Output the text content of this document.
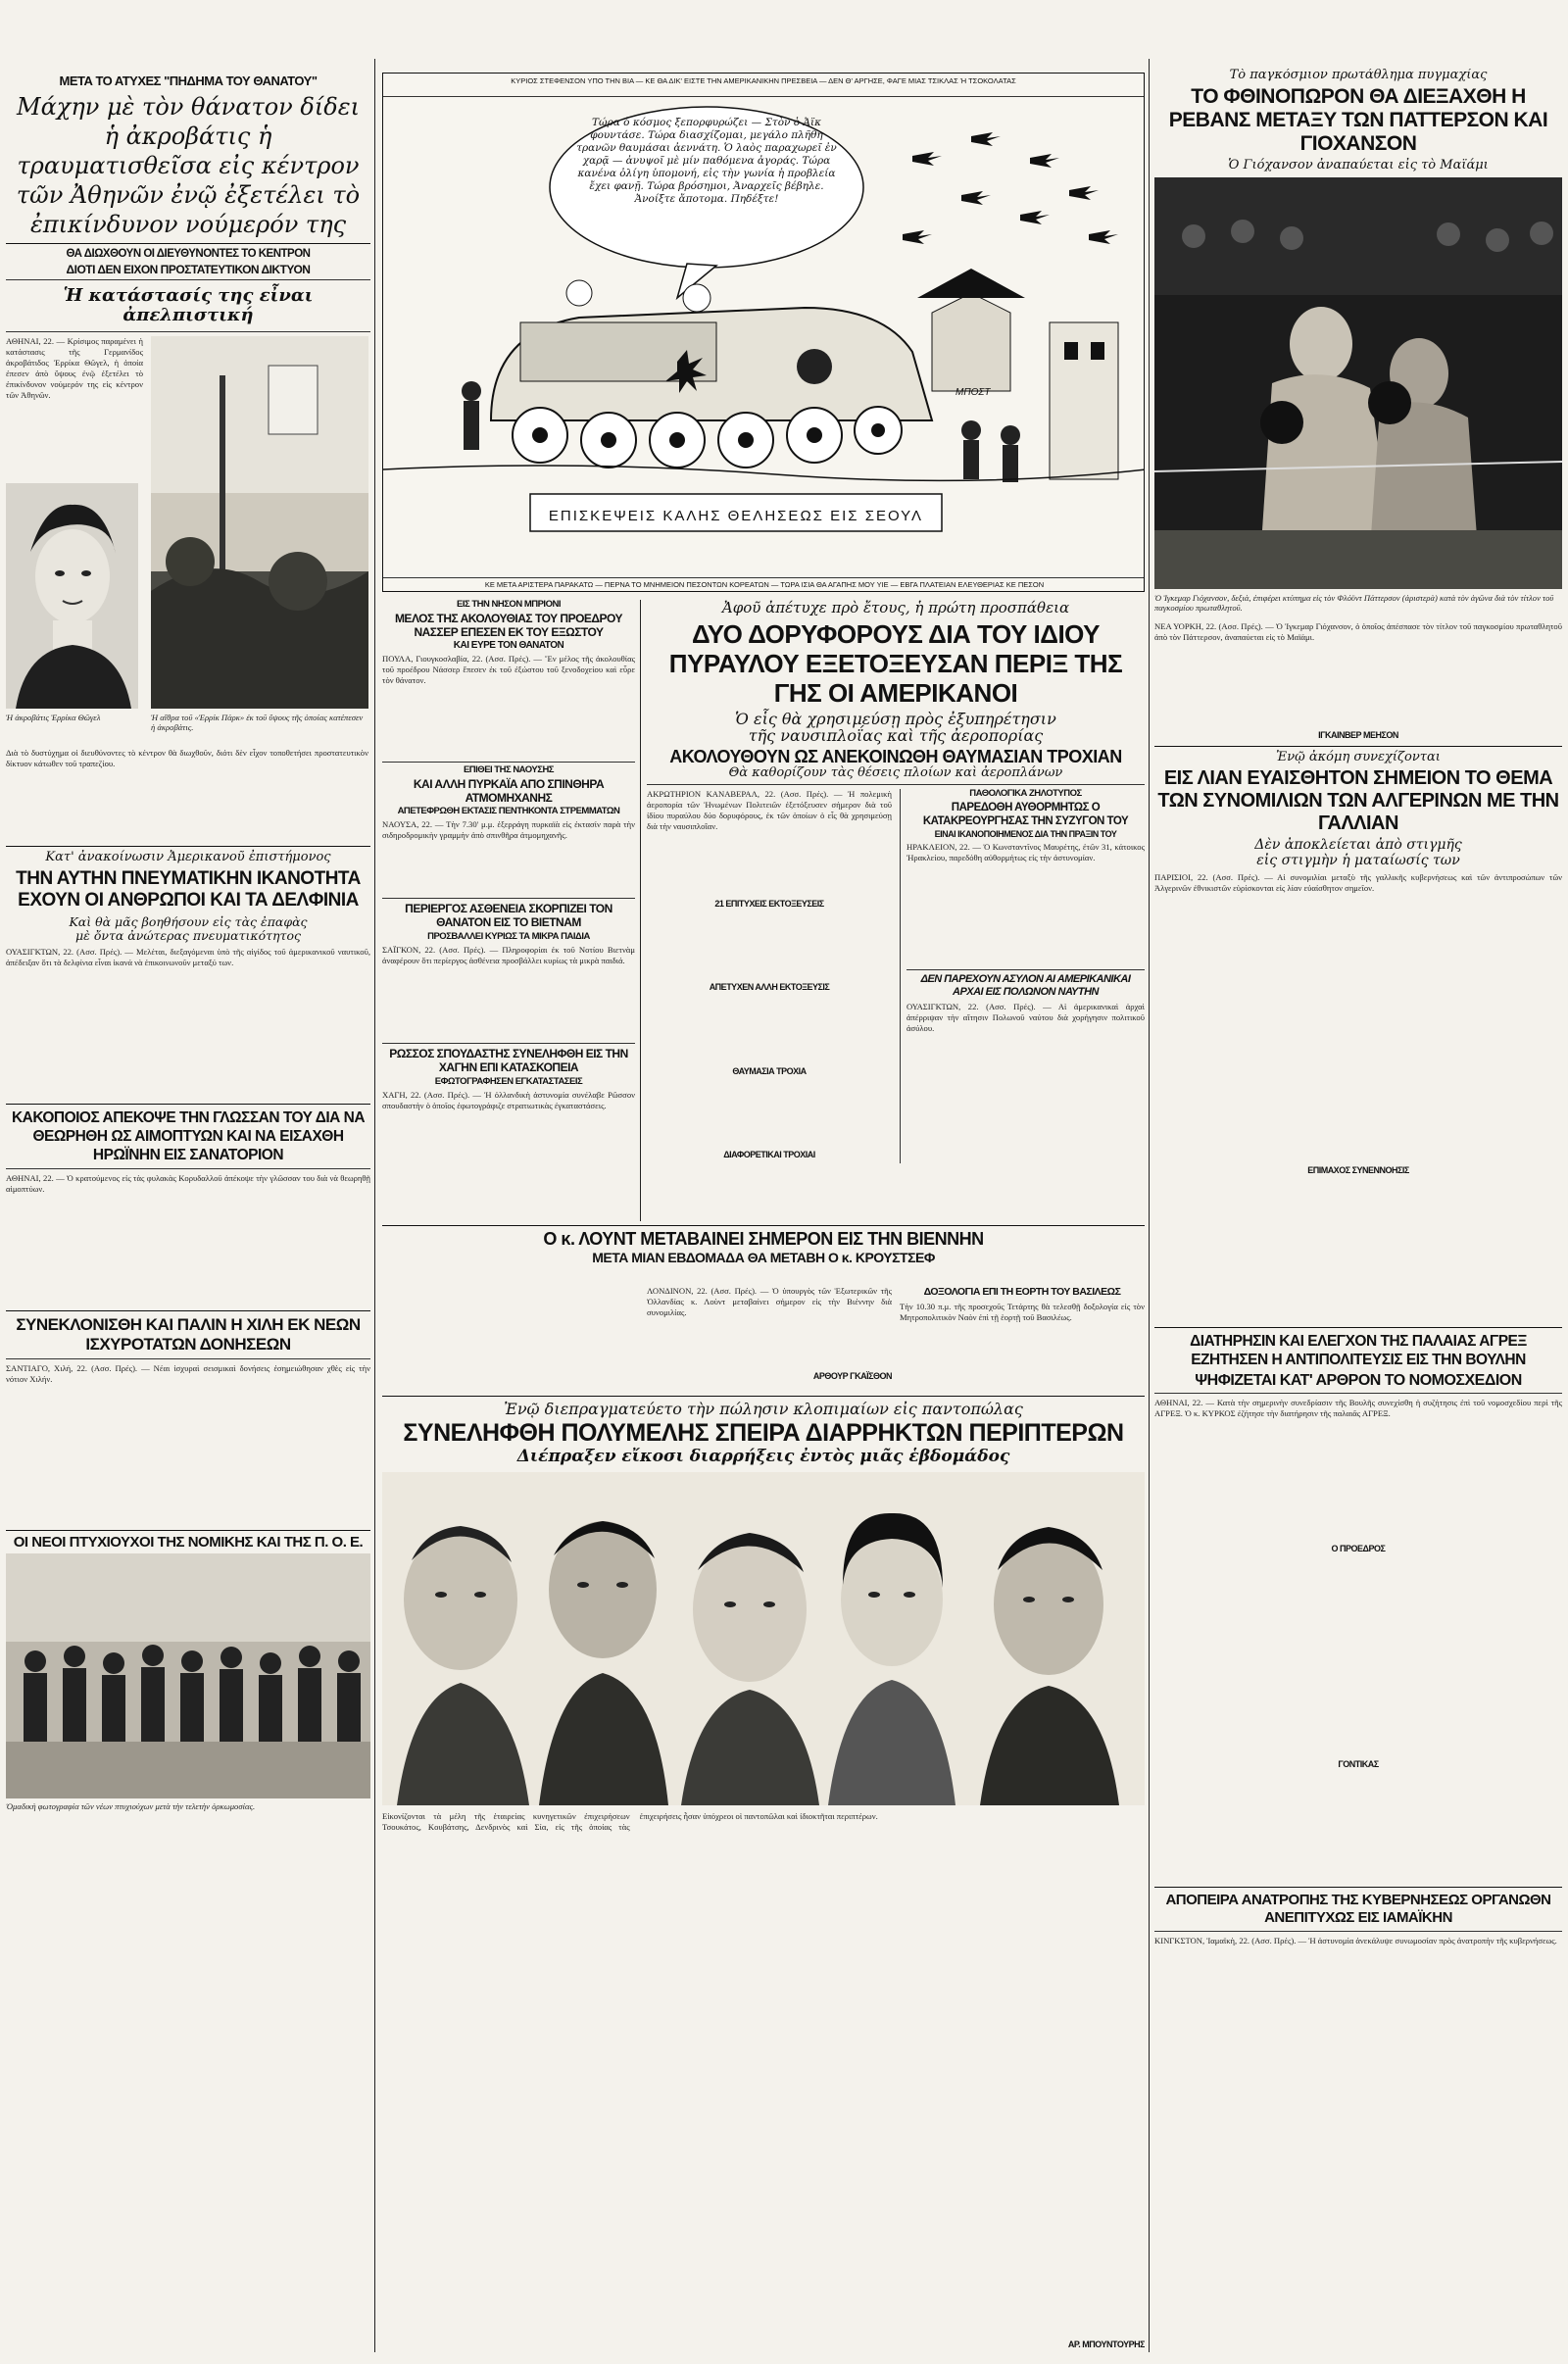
ΜΕΤΑ ΤΟ ΑΤΥΧΕΣ "ΠΗΔΗΜΑ ΤΟΥ ΘΑΝΑΤΟΥ"
Μάχην μὲ τὸν θάνατον δίδει ἡ ἀκροβάτις ἡ τραυματισθεῖσα εἰς κέντρον τῶν Ἀθηνῶν ἐνῷ ἐξετέλει τὸ ἐπικίνδυνον νούμερόν της
ΘΑ ΔΙΩΧΘΟΥΝ ΟΙ ΔΙΕΥΘΥΝΟΝΤΕΣ ΤΟ ΚΕΝΤΡΟΝ
ΔΙΟΤΙ ΔΕΝ ΕΙΧΟΝ ΠΡΟΣΤΑΤΕΥΤΙΚΟΝ ΔΙΚΤΥΟΝ
Ἡ κατάστασίς της εἶναι ἀπελπιστική
ΑΘΗΝΑΙ, 22. — Κρίσιμος παραμένει ἡ κατάστασις τῆς Γερμανίδος ἀκροβάτιδος Ἐρρίκα Θῶγελ, ἡ ὁποία ἐπεσεν ἀπὸ ὕψους ἐνῷ ἐξετέλει τὸ ἐπικίνδυνον νούμερόν της εἰς κέντρον τῶν Ἀθηνῶν.
Ἡ ἀκροβάτις Ἐρρίκα Θῶγελ	Ἡ αἴθρα τοῦ «Ἐρρίκ Πάρκ» ἐκ τοῦ ὕψους τῆς ὁποίας κατέπεσεν ἡ ἀκροβάτις.
Διὰ τὸ δυστύχημα οἱ διευθύνοντες τὸ κέντρον θὰ διωχθοῦν, διότι δὲν εἶχον τοποθετήσει προστατευτικὸν δίκτυον κάτωθεν τοῦ τραπεζίου.
Κατ' ἀνακοίνωσιν Ἀμερικανοῦ ἐπιστήμονος
ΤΗΝ ΑΥΤΗΝ ΠΝΕΥΜΑΤΙΚΗΝ ΙΚΑΝΟΤΗΤΑ ΕΧΟΥΝ ΟΙ ΑΝΘΡΩΠΟΙ ΚΑΙ ΤΑ ΔΕΛΦΙΝΙΑ
Καὶ θὰ μᾶς βοηθήσουν εἰς τὰς ἐπαφὰς
μὲ ὄντα ἀνώτερας πνευματικότητος
ΟΥΑΣΙΓΚΤΩΝ, 22. (Ασσ. Πρές). — Μελέται, διεξαγόμεναι ὑπὸ τῆς αἰγίδος τοῦ ἀμερικανικοῦ ναυτικοῦ, ἀπέδειξαν ὅτι τὰ δελφίνια εἶναι ἱκανά νὰ ἐπικοινωνοῦν μεταξύ των.
ΚΑΚΟΠΟΙΟΣ ΑΠΕΚΟΨΕ ΤΗΝ ΓΛΩΣΣΑΝ ΤΟΥ ΔΙΑ ΝΑ ΘΕΩΡΗΘΗ ΩΣ ΑΙΜΟΠΤΥΩΝ ΚΑΙ ΝΑ ΕΙΣΑΧΘΗ ΗΡΩΪΝΗΝ ΕΙΣ ΣΑΝΑΤΟΡΙΟΝ
ΑΘΗΝΑΙ, 22. — Ὁ κρατούμενος εἰς τὰς φυλακὰς Κορυδαλλοῦ ἀπέκοψε τὴν γλῶσσαν του διὰ νὰ θεωρηθῇ αἱμοπτύων.
ΣΥΝΕΚΛΟΝΙΣΘΗ ΚΑΙ ΠΑΛΙΝ Η ΧΙΛΗ ΕΚ ΝΕΩΝ ΙΣΧΥΡΟΤΑΤΩΝ ΔΟΝΗΣΕΩΝ
ΣΑΝΤΙΑΓΟ, Χιλή, 22. (Ασσ. Πρές). — Νέαι ἰσχυραὶ σεισμικαὶ δονήσεις ἐσημειώθησαν χθὲς εἰς τὴν νότιον Χιλήν.
ΟΙ ΝΕΟΙ ΠΤΥΧΙΟΥΧΟΙ ΤΗΣ ΝΟΜΙΚΗΣ ΚΑΙ ΤΗΣ Π. Ο. Ε.
Ὁμαδικὴ φωτογραφία τῶν νέων πτυχιούχων μετὰ τὴν τελετὴν ὁρκωμοσίας.
ΚΥΡΙΟΣ ΣΤΕΦΕΝΣΟΝ ΥΠΟ ΤΗΝ ΒΙΑ — ΚΕ ΘΑ ΔΙΚ' ΕΙΣΤΕ ΤΗΝ ΑΜΕΡΙΚΑΝΙΚΗΝ ΠΡΕΣΒΕΙΑ — ΔΕΝ Θ' ΑΡΓΗΣΕ, ΦΑΓΕ ΜΙΑΣ ΤΣΙΚΛΑΣ Ή ΤΣΟΚΟΛΑΤΑΣ
Τώρα ὁ κόσμος ξεπορφυρώζει — Στὸν ὁ Ἀϊκ φουντάσε. Τώρα διασχίζομαι, μεγάλο πλῆθη τρανῶν θαυμάσαι ἀεννάτη. Ὁ λαὸς παραχωρεῖ ἐν χαρᾷ — ἀνυψοῖ μὲ μίν παθόμενα ἀγοράς. Τώρα κανένα ὀλίγη ὑπομονή, εἰς τὴν γωνία ἡ προβλεία ἔχει φανῇ. Τώρα βρόσημοι, Ἀναρχεῖς βέβηλε. Ἀνοίξτε ἄποτομα. Πηδέξτε!
ΕΠΙΣΚΕΨΕΙΣ ΚΑΛΗΣ ΘΕΛΗΣΕΩΣ ΕΙΣ ΣΕΟΥΛ
ΜΠΟΣΤ
ΚΕ ΜΕΤΑ ΑΡΙΣΤΕΡΑ ΠΑΡΑΚΑΤΩ — ΠΕΡΝΑ ΤΟ ΜΝΗΜΕΙΟΝ ΠΕΣΟΝΤΩΝ ΚΟΡΕΑΤΩΝ — ΤΩΡΑ ΙΣΙΑ ΘΑ ΑΓΑΠΗΣ ΜΟΥ ΥΙΕ — ΕΒΓΑ ΠΛΑΤΕΙΑΝ ΕΛΕΥΘΕΡΙΑΣ ΚΕ ΠΕΣΟΝ
Τὸ παγκόσμιον πρωτάθλημα πυγμαχίας
ΤΟ ΦΘΙΝΟΠΩΡΟΝ ΘΑ ΔΙΕΞΑΧΘΗ Η ΡΕΒΑΝΣ ΜΕΤΑΞΥ ΤΩΝ ΠΑΤΤΕΡΣΟΝ ΚΑΙ ΓΙΟΧΑΝΣΟΝ
Ὁ Γιόχανσον ἀναπαύεται εἰς τὸ Μαϊάμι
Ὁ Ἰγκεμαρ Γιόχανσον, δεξιὰ, ἐπιφέρει κτύπημα εἰς τὸν Φλόϋντ Πάττερσον (ἀριστερὰ) κατὰ τὸν ἀγῶνα διὰ τὸν τίτλον τοῦ παγκοσμίου πρωταθλητοῦ.
ΝΕΑ ΥΟΡΚΗ, 22. (Ασσ. Πρές). — Ὁ Ἰγκεμαρ Γιόχανσον, ὁ ὁποῖος ἀπέσπασε τὸν τίτλον τοῦ παγκοσμίου πρωταθλητοῦ ἀπὸ τὸν Πάττερσον, ἀναπαύεται εἰς τὸ Μαϊάμι.
ΙΓΚΑΙΝΒΕΡ ΜΕΗΣΟΝ
Ἐνῷ ἀκόμη συνεχίζονται
ΕΙΣ ΛΙΑΝ ΕΥΑΙΣΘΗΤΟΝ ΣΗΜΕΙΟΝ ΤΟ ΘΕΜΑ ΤΩΝ ΣΥΝΟΜΙΛΙΩΝ ΤΩΝ ΑΛΓΕΡΙΝΩΝ ΜΕ ΤΗΝ ΓΑΛΛΙΑΝ
Δὲν ἀποκλείεται ἀπὸ στιγμῆς
εἰς στιγμὴν ἡ ματαίωσίς των
ΠΑΡΙΣΙΟΙ, 22. (Ασσ. Πρές). — Αἱ συνομιλίαι μεταξὺ τῆς γαλλικῆς κυβερνήσεως καὶ τῶν ἀντιπροσώπων τῶν Ἀλγερινῶν ἐθνικιστῶν εὑρίσκονται εἰς λίαν εὐαίσθητον σημεῖον.
ΕΠΙΜΑΧΟΣ ΣΥΝΕΝΝΟΗΣΙΣ
ΔΙΑΤΗΡΗΣΙΝ ΚΑΙ ΕΛΕΓΧΟΝ ΤΗΣ ΠΑΛΑΙΑΣ ΑΓΡΕΞ ΕΖΗΤΗΣΕΝ Η ΑΝΤΙΠΟΛΙΤΕΥΣΙΣ ΕΙΣ ΤΗΝ ΒΟΥΛΗΝ
ΨΗΦΙΖΕΤΑΙ ΚΑΤ' ΑΡΘΡΟΝ ΤΟ ΝΟΜΟΣΧΕΔΙΟΝ
ΑΘΗΝΑΙ, 22. — Κατὰ τὴν σημερινὴν συνεδρίασιν τῆς Βουλῆς συνεχίσθη ἡ συζήτησις ἐπὶ τοῦ νομοσχεδίου περὶ τῆς ΑΓΡΕΞ. Ὁ κ. ΚΥΡΚΟΣ ἐζήτησε τὴν διατήρησιν τῆς παλαιᾶς ΑΓΡΕΞ.
Ο ΠΡΟΕΔΡΟΣ
ΓΟΝΤΙΚΑΣ
ΑΠΟΠΕΙΡΑ ΑΝΑΤΡΟΠΗΣ ΤΗΣ ΚΥΒΕΡΝΗΣΕΩΣ ΟΡΓΑΝΩΘΝ ΑΝΕΠΙΤΥΧΩΣ ΕΙΣ ΙΑΜΑΪΚΗΝ
ΚΙΝΓΚΣΤΟΝ, Ἰαμαϊκὴ, 22. (Ασσ. Πρές). — Ἡ ἀστυνομία ἀνεκάλυψε συνωμοσίαν πρὸς ἀνατροπὴν τῆς κυβερνήσεως.
ΕΙΣ ΤΗΝ ΝΗΣΟΝ ΜΠΡΙΟΝΙ
ΜΕΛΟΣ ΤΗΣ ΑΚΟΛΟΥΘΙΑΣ ΤΟΥ ΠΡΟΕΔΡΟΥ ΝΑΣΣΕΡ ΕΠΕΣΕΝ ΕΚ ΤΟΥ ΕΞΩΣΤΟΥ
ΚΑΙ ΕΥΡΕ ΤΟΝ ΘΑΝΑΤΟΝ
ΠΟΥΛΑ, Γιουγκοσλαβία, 22. (Ασσ. Πρές). — Ἕν μέλος τῆς ἀκολουθίας τοῦ προέδρου Νάσσερ ἔπεσεν ἐκ τοῦ ἐξώστου τοῦ ξενοδοχείου καὶ εὗρε τὸν θάνατον.
ΕΠΙΘΕΙ ΤΗΣ ΝΑΟΥΣΗΣ
ΚΑΙ ΑΛΛΗ ΠΥΡΚΑΪΑ ΑΠΟ ΣΠΙΝΘΗΡΑ ΑΤΜΟΜΗΧΑΝΗΣ
ΑΠΕΤΕΦΡΩΘΗ ΕΚΤΑΣΙΣ ΠΕΝΤΗΚΟΝΤΑ ΣΤΡΕΜΜΑΤΩΝ
ΝΑΟΥΣΑ, 22. — Τὴν 7.30' μ.μ. ἐξερράγη πυρκαϊὰ εἰς ἐκτασίν παρὰ τὴν σιδηροδρομικὴν γραμμὴν ἀπὸ σπινθῆρα ἀτμομηχανῆς.
ΠΕΡΙΕΡΓΟΣ ΑΣΘΕΝΕΙΑ ΣΚΟΡΠΙΖΕΙ ΤΟΝ ΘΑΝΑΤΟΝ ΕΙΣ ΤΟ ΒΙΕΤΝΑΜ
ΠΡΟΣΒΑΛΛΕΙ ΚΥΡΙΩΣ ΤΑ ΜΙΚΡΑ ΠΑΙΔΙΑ
ΣΑΪΓΚΟΝ, 22. (Ασσ. Πρές). — Πληροφορίαι ἐκ τοῦ Νοτίου Βιετνὰμ ἀναφέρουν ὅτι περίεργος ἀσθένεια προσβάλλει κυρίως τὰ μικρὰ παιδιά.
ΡΩΣΣΟΣ ΣΠΟΥΔΑΣΤΗΣ ΣΥΝΕΛΗΦΘΗ ΕΙΣ ΤΗΝ ΧΑΓΗΝ ΕΠΙ ΚΑΤΑΣΚΟΠΕΙΑ
ΕΦΩΤΟΓΡΑΦΗΣΕΝ ΕΓΚΑΤΑΣΤΑΣΕΙΣ
ΧΑΓΗ, 22. (Ασσ. Πρές). — Ἡ ὀλλανδικὴ ἀστυνομία συνέλαβε Ρῶσσον σπουδαστὴν ὁ ὁποῖος ἐφωτογράφιζε στρατιωτικὰς ἐγκαταστάσεις.
Ἀφοῦ ἀπέτυχε πρὸ ἔτους, ἡ πρώτη προσπάθεια
ΔΥΟ ΔΟΡΥΦΟΡΟΥΣ ΔΙΑ ΤΟΥ ΙΔΙΟΥ ΠΥΡΑΥΛΟΥ ΕΞΕΤΟΞΕΥΣΑΝ ΠΕΡΙΞ ΤΗΣ ΓΗΣ ΟΙ ΑΜΕΡΙΚΑΝΟΙ
Ὁ εἷς θὰ χρησιμεύσῃ πρὸς ἐξυπηρέτησιν
τῆς ναυσιπλοΐας καὶ τῆς ἀεροπορίας
ΑΚΟΛΟΥΘΟΥΝ ΩΣ ΑΝΕΚΟΙΝΩΘΗ ΘΑΥΜΑΣΙΑΝ ΤΡΟΧΙΑΝ
Θὰ καθορίζουν τὰς θέσεις πλοίων καὶ ἀεροπλάνων
ΑΚΡΩΤΗΡΙΟΝ ΚΑΝΑΒΕΡΑΛ, 22. (Ασσ. Πρές). — Ἡ πολεμικὴ ἀεροπορία τῶν Ἡνωμένων Πολιτειῶν ἐξετόξευσεν σήμερον διὰ τοῦ ἰδίου πυραύλου δύο δορυφόρους, ἐκ τῶν ὁποίων ὁ εἷς θὰ χρησιμεύσῃ διὰ τὴν ναυσιπλοΐαν.
21 ΕΠΙΤΥΧΕΙΣ ΕΚΤΟΞΕΥΣΕΙΣ
ΑΠΕΤΥΧΕΝ ΑΛΛΗ ΕΚΤΟΞΕΥΣΙΣ
ΘΑΥΜΑΣΙΑ ΤΡΟΧΙΑ
ΔΙΑΦΟΡΕΤΙΚΑΙ ΤΡΟΧΙΑΙ
ΠΑΘΟΛΟΓΙΚΑ ΖΗΛΟΤΥΠΟΣ
ΠΑΡΕΔΟΘΗ ΑΥΘΟΡΜΗΤΩΣ Ο ΚΑΤΑΚΡΕΟΥΡΓΗΣΑΣ ΤΗΝ ΣΥΖΥΓΟΝ ΤΟΥ
ΕΙΝΑΙ ΙΚΑΝΟΠΟΙΗΜΕΝΟΣ ΔΙΑ ΤΗΝ ΠΡΑΞΙΝ ΤΟΥ
ΗΡΑΚΛΕΙΟΝ, 22. — Ὁ Κωνσταντῖνος Μαυρέτης, ἐτῶν 31, κάτοικος Ἡρακλείου, παρεδόθη αὐθορμήτως εἰς τὴν ἀστυνομίαν.
ΔΕΝ ΠΑΡΕΧΟΥΝ ΑΣΥΛΟΝ ΑΙ ΑΜΕΡΙΚΑΝΙΚΑΙ ΑΡΧΑΙ ΕΙΣ ΠΟΛΩΝΟΝ ΝΑΥΤΗΝ
ΟΥΑΣΙΓΚΤΩΝ, 22. (Ασσ. Πρές). — Αἱ ἀμερικανικαὶ ἀρχαὶ ἀπέρριψαν τὴν αἴτησιν Πολωνοῦ ναύτου διὰ χορήγησιν πολιτικοῦ ἀσύλου.
Ο κ. ΛΟΥΝΤ ΜΕΤΑΒΑΙΝΕΙ ΣΗΜΕΡΟΝ ΕΙΣ ΤΗΝ ΒΙΕΝΝΗΝ
ΜΕΤΑ ΜΙΑΝ ΕΒΔΟΜΑΔΑ ΘΑ ΜΕΤΑΒΗ Ο κ. ΚΡΟΥΣΤΣΕΦ
ΛΟΝΔΙΝΟΝ, 22. (Ασσ. Πρές). — Ὁ ὑπουργὸς τῶν Ἐξωτερικῶν τῆς Ὀλλανδίας κ. Λοὺντ μεταβαίνει σήμερον εἰς τὴν Βιέννην διὰ συνομιλίας.
ΑΡΘΟΥΡ ΓΚΑΪΣΘΟΝ
ΔΟΞΟΛΟΓΙΑ ΕΠΙ ΤΗ ΕΟΡΤΗ ΤΟΥ ΒΑΣΙΛΕΩΣ
Τὴν 10.30 π.μ. τῆς προσεχοῦς Τετάρτης θὰ τελεσθῇ δοξολογία εἰς τὸν Μητροπολιτικὸν Ναὸν ἐπὶ τῇ ἑορτῇ τοῦ Βασιλέως.
Ἐνῷ διεπραγματεύετο τὴν πώλησιν κλοπιμαίων εἰς παντοπώλας
ΣΥΝΕΛΗΦΘΗ ΠΟΛΥΜΕΛΗΣ ΣΠΕΙΡΑ ΔΙΑΡΡΗΚΤΩΝ ΠΕΡΙΠΤΕΡΩΝ
Διέπραξεν εἴκοσι διαρρήξεις ἐντὸς μιᾶς ἑβδομάδος
Εἰκονίζονται τὰ μέλη τῆς ἑταιρείας κυνηγετικῶν ἐπιχειρήσεων Τσουκάτος, Κουβάτσης, Δενδρινὸς καὶ Σία, εἰς τῆς ὁποίας τὰς ἐπιχειρήσεις ἦσαν ὑπόχρεοι οἱ παντοπῶλαι καὶ ἰδιοκτῆται περιπτέρων.
ΑΡ. ΜΠΟΥΝΤΟΥΡΗΣ
